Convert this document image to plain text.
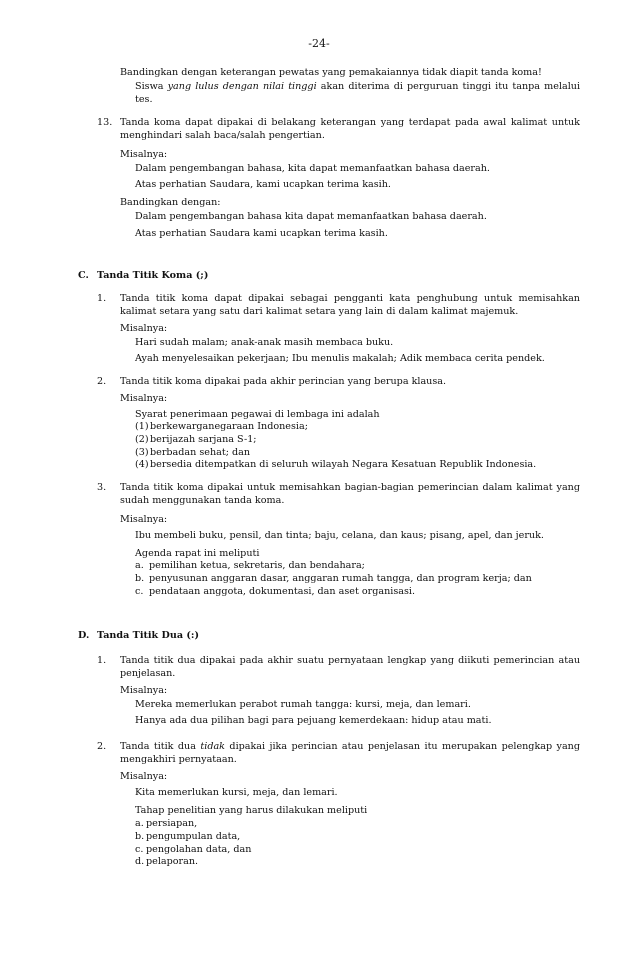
-24-
Bandingkan dengan keterangan pewatas yang pemakaiannya tidak diapit tanda koma!
Siswa yang lulus dengan nilai tinggi akan diterima di perguruan tinggi itu tanpa melalui tes.
13. Tanda koma dapat dipakai di belakang keterangan yang terdapat pada awal kalimat untuk menghindari salah baca/salah pengertian.
Misalnya:
Dalam pengembangan bahasa, kita dapat memanfaatkan bahasa daerah.
Atas perhatian Saudara, kami ucapkan terima kasih.
Bandingkan dengan:
Dalam pengembangan bahasa kita dapat memanfaatkan bahasa daerah.
Atas perhatian Saudara kami ucapkan terima kasih.
C. Tanda Titik Koma (;)
1. Tanda titik koma dapat dipakai sebagai pengganti kata penghubung untuk memisahkan kalimat setara yang satu dari kalimat setara yang lain di dalam kalimat majemuk.
Misalnya:
Hari sudah malam; anak-anak masih membaca buku.
Ayah menyelesaikan pekerjaan; Ibu menulis makalah; Adik membaca cerita pendek.
2. Tanda titik koma dipakai pada akhir perincian yang berupa klausa.
Misalnya:
Syarat penerimaan pegawai di lembaga ini adalah
(1) berkewarganegaraan Indonesia;
(2) berijazah sarjana S-1;
(3) berbadan sehat; dan
(4) bersedia ditempatkan di seluruh wilayah Negara Kesatuan Republik Indonesia.
3. Tanda titik koma dipakai untuk memisahkan bagian-bagian pemerincian dalam kalimat yang sudah menggunakan tanda koma.
Misalnya:
Ibu membeli buku, pensil, dan tinta; baju, celana, dan kaus; pisang, apel, dan jeruk.
Agenda rapat ini meliputi
a. pemilihan ketua, sekretaris, dan bendahara;
b. penyusunan anggaran dasar, anggaran rumah tangga, dan program kerja; dan
c. pendataan anggota, dokumentasi, dan aset organisasi.
D. Tanda Titik Dua (:)
1. Tanda titik dua dipakai pada akhir suatu pernyataan lengkap yang diikuti pemerincian atau penjelasan.
Misalnya:
Mereka memerlukan perabot rumah tangga: kursi, meja, dan lemari.
Hanya ada dua pilihan bagi para pejuang kemerdekaan: hidup atau mati.
2. Tanda titik dua tidak dipakai jika perincian atau penjelasan itu merupakan pelengkap yang mengakhiri pernyataan.
Misalnya:
Kita memerlukan kursi, meja, dan lemari.
Tahap penelitian yang harus dilakukan meliputi
a. persiapan,
b. pengumpulan data,
c. pengolahan data, dan
d. pelaporan.
